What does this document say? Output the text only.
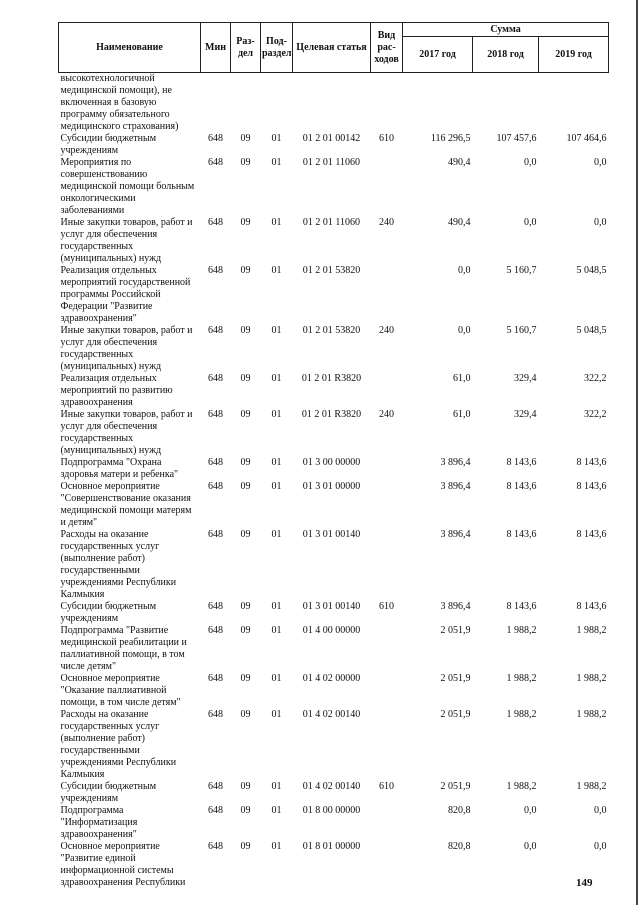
Наименование	Мин	Раз-дел	Под-раздел	Целевая статья	Вид рас-ходов	Сумма		
						2017 год	2018 год	2019 год
высокотехнологичной медицинской помощи), не включенная в базовую программу обязательного медицинского страхования)								
Субсидии бюджетным учреждениям	648	09	01	01 2 01 00142	610	116 296,5	107 457,6	107 464,6
Мероприятия по совершенствованию медицинской помощи больным онкологическими заболеваниями	648	09	01	01 2 01 11060		490,4	0,0	0,0
Иные закупки товаров, работ и услуг для обеспечения государственных (муниципальных) нужд	648	09	01	01 2 01 11060	240	490,4	0,0	0,0
Реализация отдельных мероприятий государственной программы Российской Федерации "Развитие здравоохранения"	648	09	01	01 2 01 53820		0,0	5 160,7	5 048,5
Иные закупки товаров, работ и услуг для обеспечения государственных (муниципальных) нужд	648	09	01	01 2 01 53820	240	0,0	5 160,7	5 048,5
Реализация отдельных мероприятий по развитию здравоохранения	648	09	01	01 2 01 R3820		61,0	329,4	322,2
Иные закупки товаров, работ и услуг для обеспечения государственных (муниципальных) нужд	648	09	01	01 2 01 R3820	240	61,0	329,4	322,2
Подпрограмма "Охрана здоровья матери и ребенка"	648	09	01	01 3 00 00000		3 896,4	8 143,6	8 143,6
Основное мероприятие "Совершенствование оказания медицинской помощи матерям и детям"	648	09	01	01 3 01 00000		3 896,4	8 143,6	8 143,6
Расходы на оказание государственных услуг (выполнение работ) государственными учреждениями Республики Калмыкия	648	09	01	01 3 01 00140		3 896,4	8 143,6	8 143,6
Субсидии бюджетным учреждениям	648	09	01	01 3 01 00140	610	3 896,4	8 143,6	8 143,6
Подпрограмма "Развитие медицинской реабилитации и паллиативной помощи, в том числе детям"	648	09	01	01 4 00 00000		2 051,9	1 988,2	1 988,2
Основное мероприятие "Оказание паллиативной помощи, в том числе детям"	648	09	01	01 4 02 00000		2 051,9	1 988,2	1 988,2
Расходы на оказание государственных услуг (выполнение работ) государственными учреждениями Республики Калмыкия	648	09	01	01 4 02 00140		2 051,9	1 988,2	1 988,2
Субсидии бюджетным учреждениям	648	09	01	01 4 02 00140	610	2 051,9	1 988,2	1 988,2
Подпрограмма "Информатизация здравоохранения"	648	09	01	01 8 00 00000		820,8	0,0	0,0
Основное мероприятие "Развитие единой информационной системы здравоохранения Республики	648	09	01	01 8 01 00000		820,8	0,0	0,0
149
